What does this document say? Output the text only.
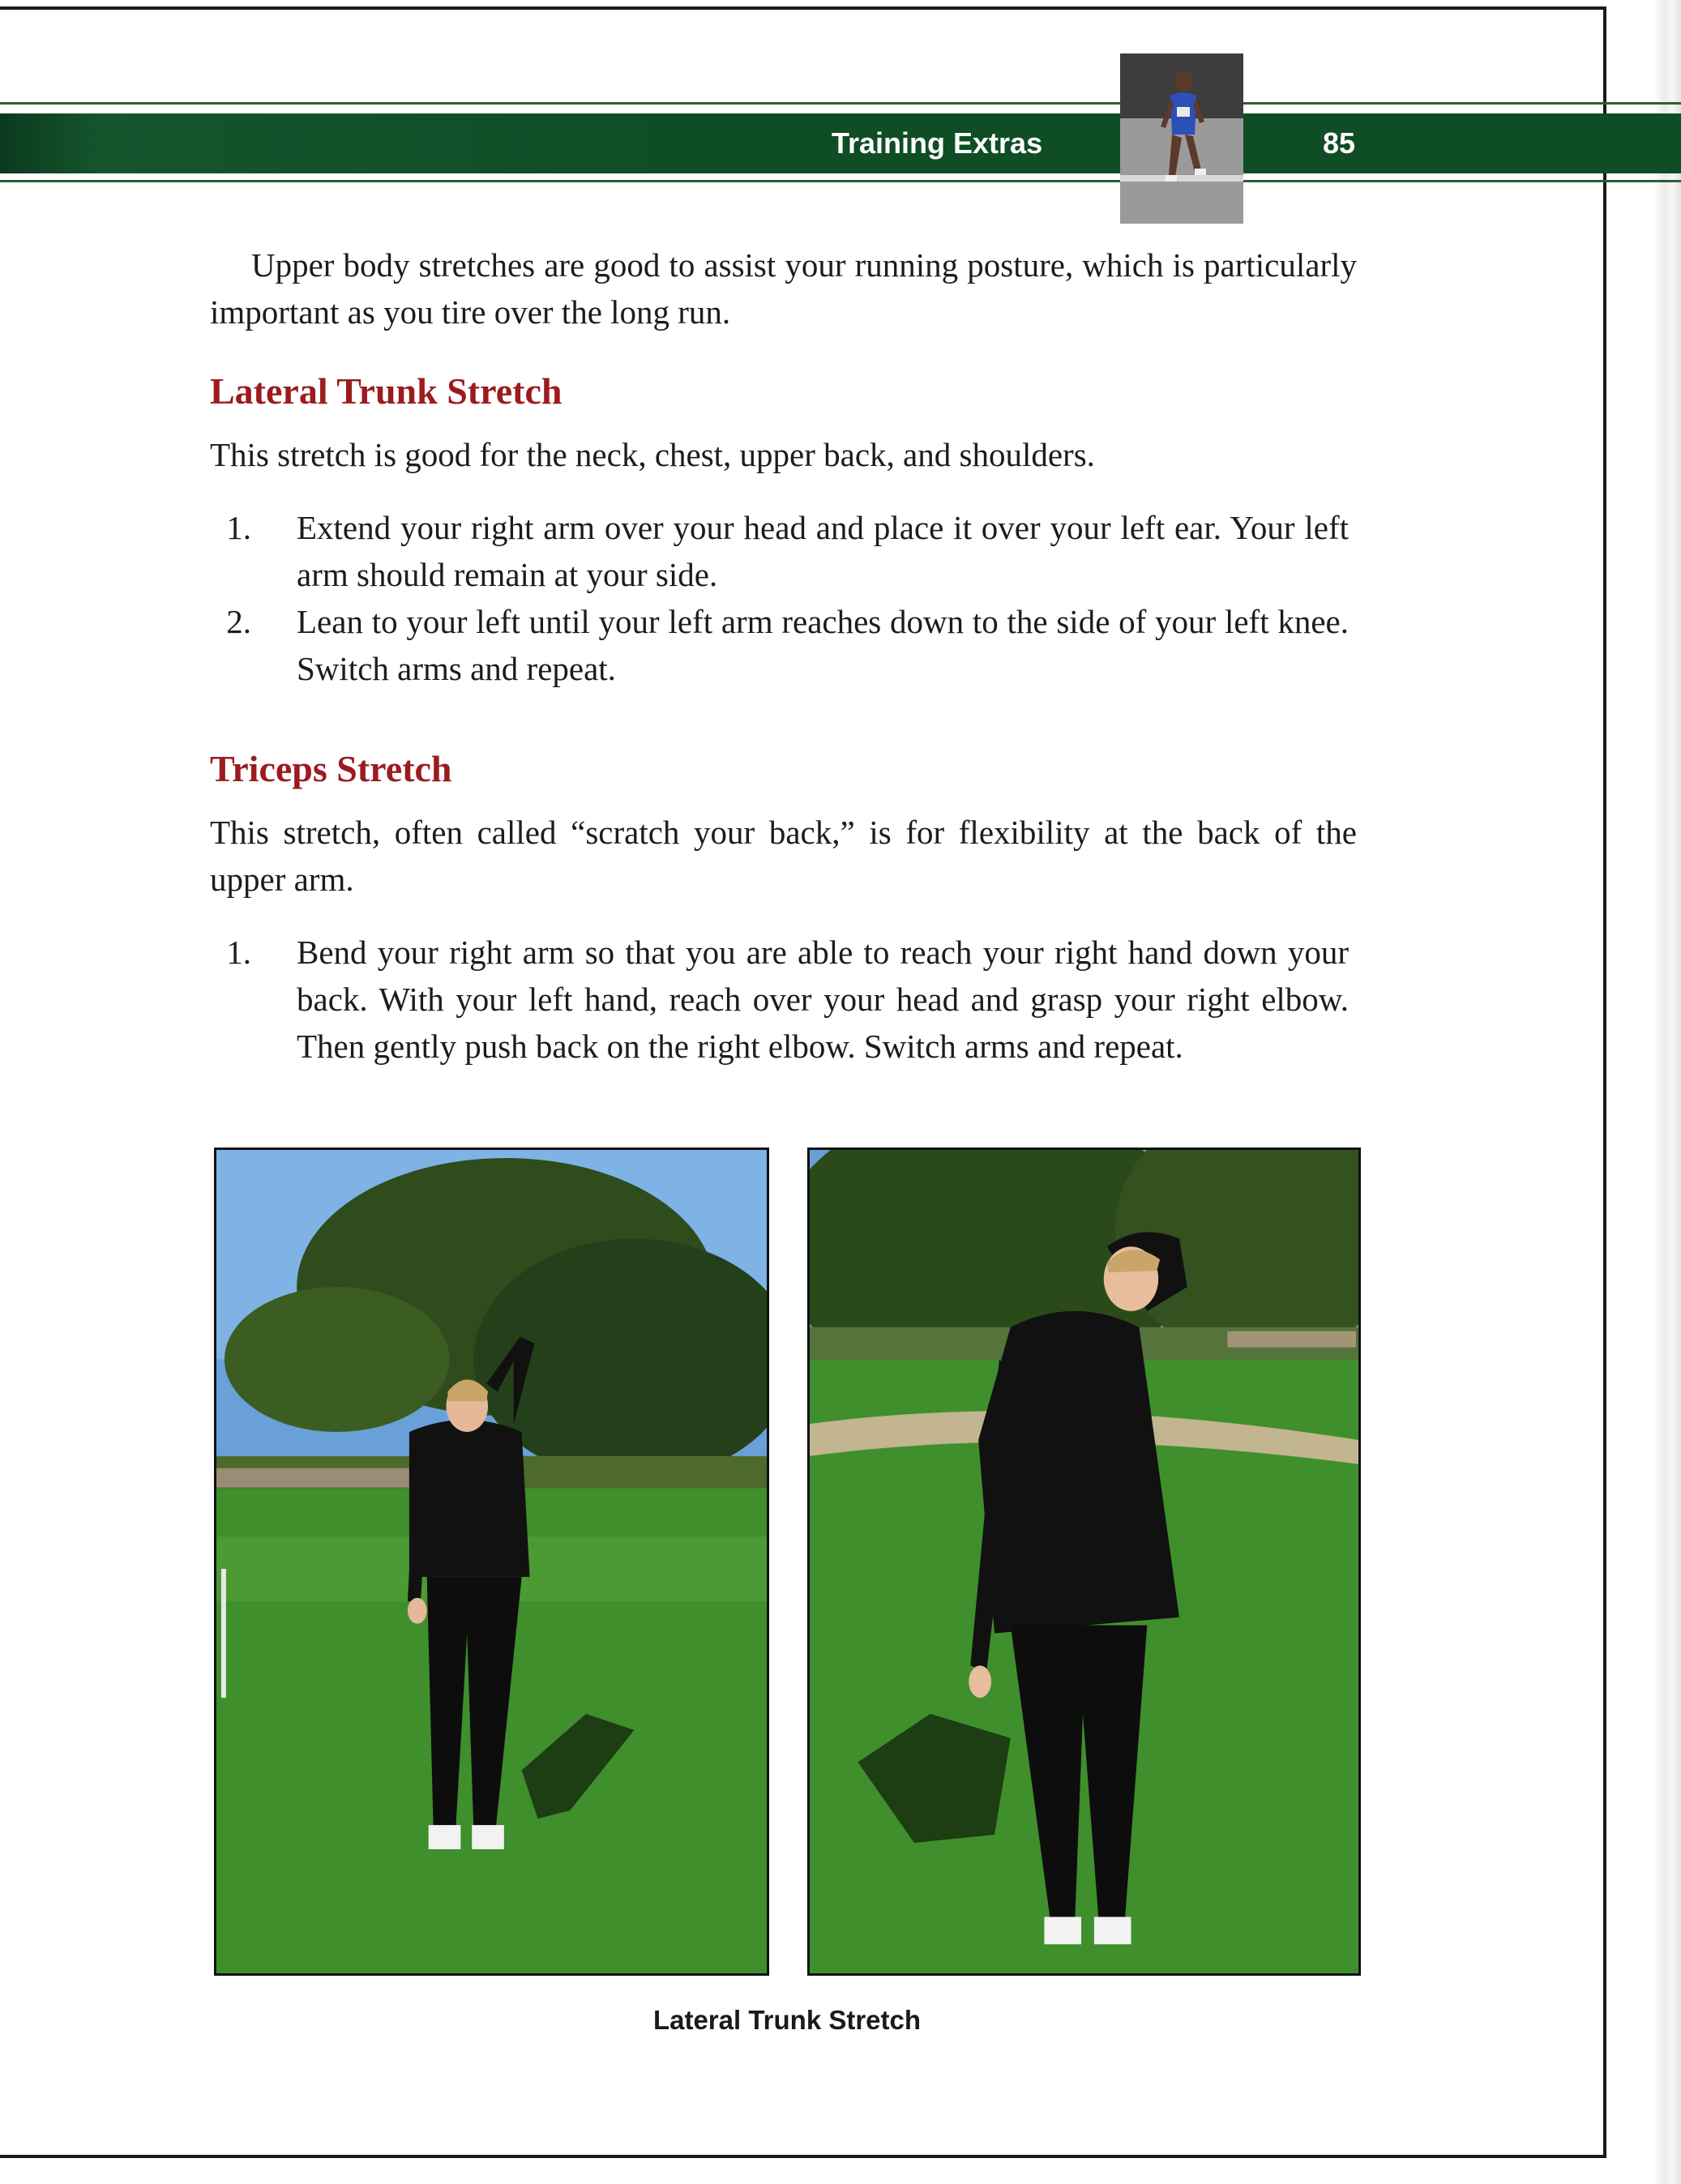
Training Extras	85

Upper body stretches are good to assist your running posture, which is particularly important as you tire over the long run.

Lateral Trunk Stretch

This stretch is good for the neck, chest, upper back, and shoulders.

1. Extend your right arm over your head and place it over your left ear. Your left arm should remain at your side.

2. Lean to your left until your left arm reaches down to the side of your left knee. Switch arms and repeat.

Triceps Stretch

This stretch, often called “scratch your back,” is for flexibility at the back of the upper arm.

1. Bend your right arm so that you are able to reach your right hand down your back. With your left hand, reach over your head and grasp your right elbow. Then gently push back on the right elbow. Switch arms and repeat.

Lateral Trunk Stretch
